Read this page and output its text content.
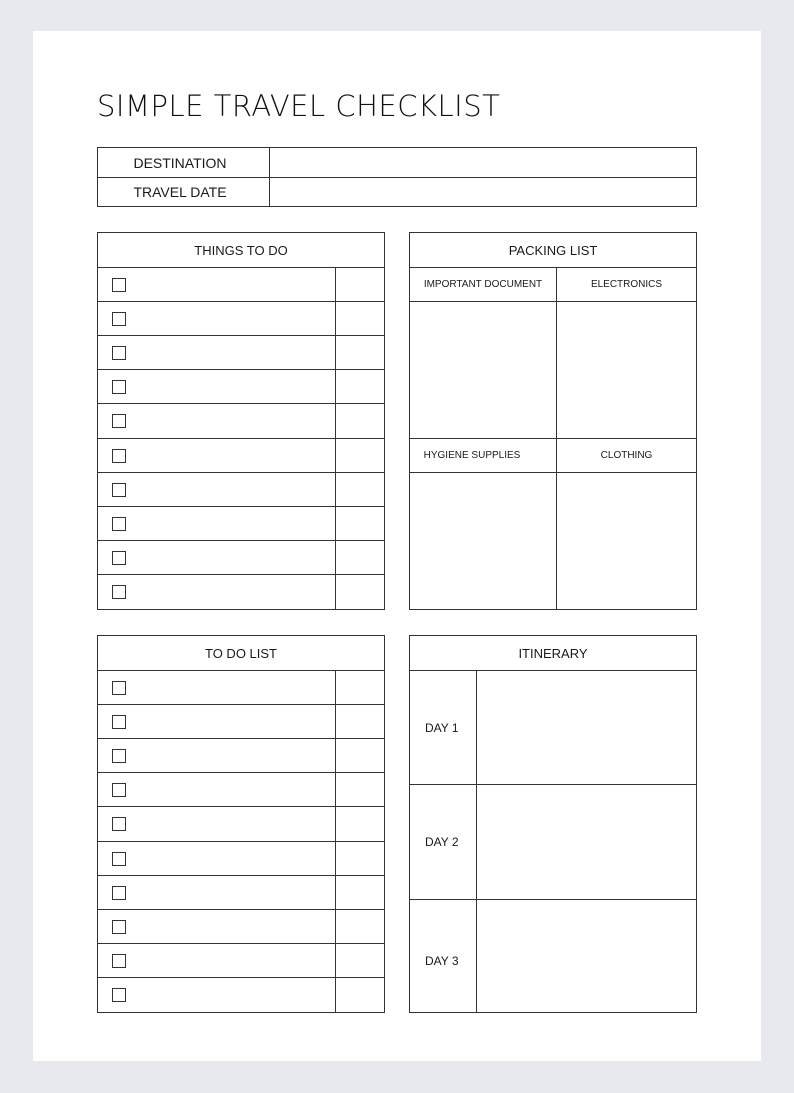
SIMPLE TRAVEL CHECKLIST
DESTINATION
TRAVEL DATE
THINGS TO DO
TO DO LIST
PACKING LIST
IMPORTANT DOCUMENT	ELECTRONICS
HYGIENE SUPPLIES	CLOTHING
ITINERARY
DAY 1
DAY 2
DAY 3
